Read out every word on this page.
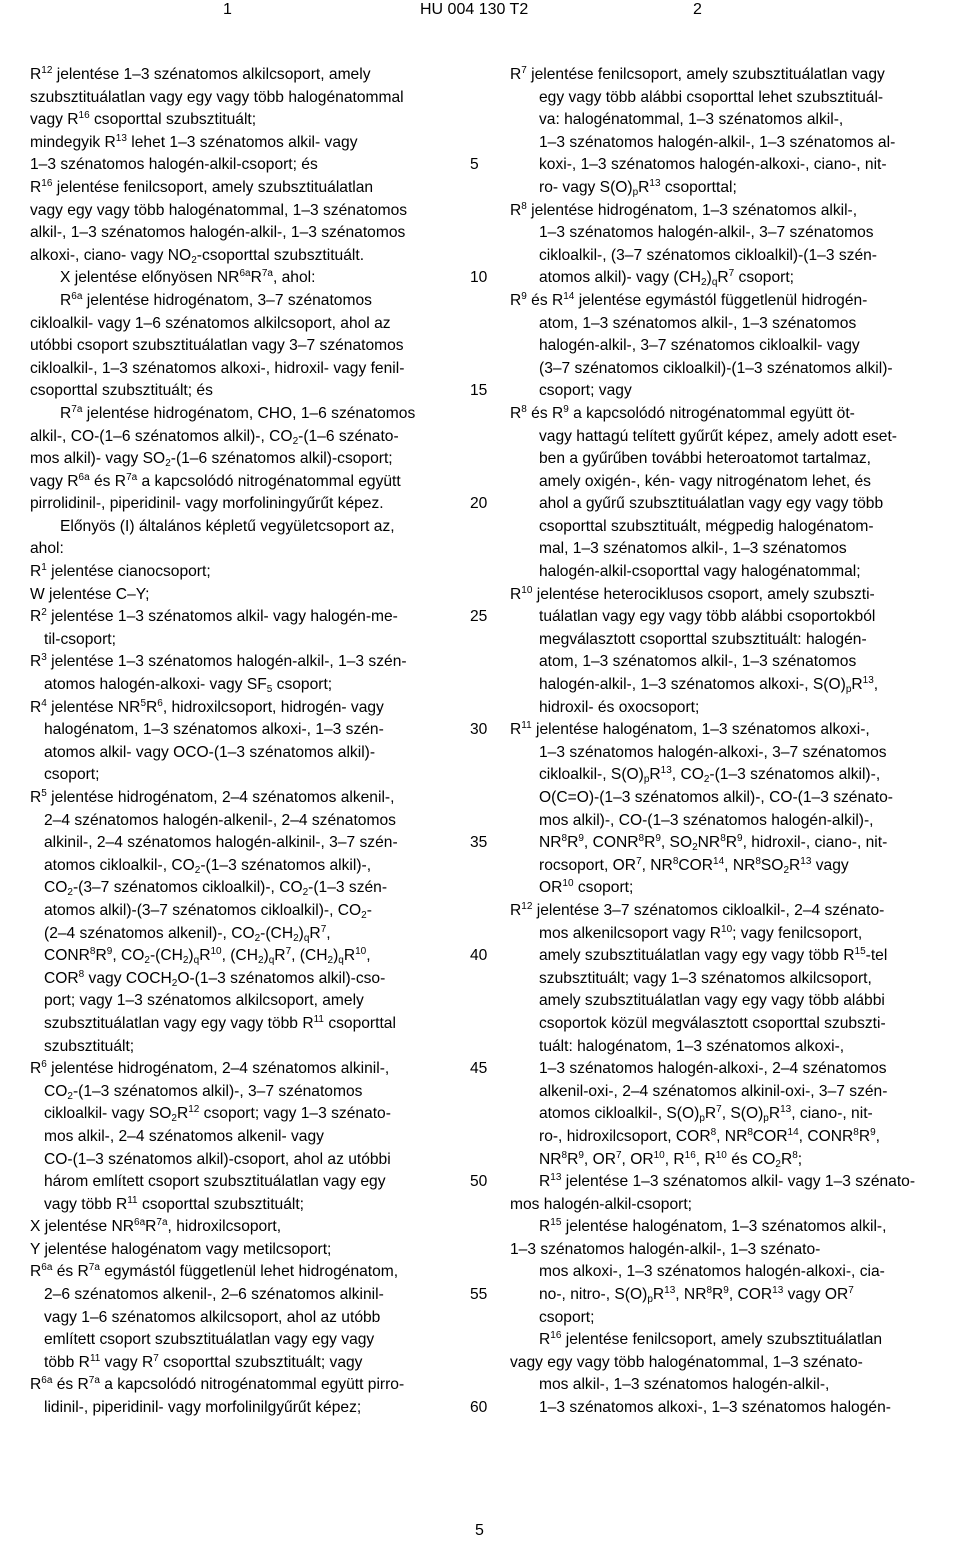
1	HU 004 130 T2	2
$R^{12}$ jelentése 1–3 szénatomos alkilcsoport, amely
szubsztituálatlan vagy egy vagy több halogénatommal
vagy $R^{16}$ csoporttal szubsztituált;
mindegyik $R^{13}$ lehet 1–3 szénatomos alkil- vagy
1–3 szénatomos halogén-alkil-csoport; és
$R^{16}$ jelentése fenilcsoport, amely szubsztituálatlan
vagy egy vagy több halogénatommal, 1–3 szénatomos
alkil-, 1–3 szénatomos halogén-alkil-, 1–3 szénatomos
alkoxi-, ciano- vagy $NO_2$-csoporttal szubsztituált.
X jelentése előnyösen $NR^{6a}R^{7a}$, ahol:
$R^{6a}$ jelentése hidrogénatom, 3–7 szénatomos
cikloalkil- vagy 1–6 szénatomos alkilcsoport, ahol az
utóbbi csoport szubsztituálatlan vagy 3–7 szénatomos
cikloalkil-, 1–3 szénatomos alkoxi-, hidroxil- vagy fenil-
csoporttal szubsztituált; és
$R^{7a}$ jelentése hidrogénatom, CHO, 1–6 szénatomos
alkil-, CO-(1–6 szénatomos alkil)-, $CO_2-(1-6$ szénato-
mos alkil)- vagy $SO_2-(1-6$ szénatomos alkil)-csoport;
vagy $R^{6a}$ és $R^{7a}$ a kapcsolódó nitrogénatommal együtt
pirrolidinil-, piperidinil- vagy morfoliningyűrűt képez.
Előnyös (I) általános képletű vegyületcsoport az,
ahol:
$R^1$ jelentése cianocsoport;
W jelentése C–Y;
$R^2$ jelentése 1–3 szénatomos alkil- vagy halogén-me-
til-csoport;
$R^3$ jelentése 1–3 szénatomos halogén-alkil-, 1–3 szén-
atomos halogén-alkoxi- vagy $SF_5$ csoport;
$R^4$ jelentése $NR^5R^6$, hidroxilcsoport, hidrogén- vagy
halogénatom, 1–3 szénatomos alkoxi-, 1–3 szén-
atomos alkil- vagy OCO-(1–3 szénatomos alkil)-
csoport;
$R^5$ jelentése hidrogénatom, 2–4 szénatomos alkenil-,
2–4 szénatomos halogén-alkenil-, 2–4 szénatomos
alkinil-, 2–4 szénatomos halogén-alkinil-, 3–7 szén-
atomos cikloalkil-, $CO_2-(1-3$ szénatomos alkil)-,
$CO_2-(3-7$ szénatomos cikloalkil)-, $CO_2-(1-3$ szén-
atomos alkil)-(3–7 szénatomos cikloalkil)-, $CO_2-$
(2–4 szénatomos alkenil)-, $CO_2-(CH_2)_qR^7$,
$CONR^8R^9$, $CO_2-(CH_2)_qR^{10}$, $(CH_2)_qR^7$, $(CH_2)_qR^{10}$,
COR$^8$ vagy $COCH_2O-(1-3$ szénatomos alkil)-cso-
port; vagy 1–3 szénatomos alkilcsoport, amely
szubsztituálatlan vagy egy vagy több $R^{11}$ csoporttal
szubsztituált;
$R^6$ jelentése hidrogénatom, 2–4 szénatomos alkinil-,
$CO_2-(1-3$ szénatomos alkil)-, 3–7 szénatomos
cikloalkil- vagy $SO_2R^{12}$ csoport; vagy 1–3 szénato-
mos alkil-, 2–4 szénatomos alkenil- vagy
CO-(1–3 szénatomos alkil)-csoport, ahol az utóbbi
három említett csoport szubsztituálatlan vagy egy
vagy több $R^{11}$ csoporttal szubsztituált;
X jelentése $NR^{6a}R^{7a}$, hidroxilcsoport,
Y jelentése halogénatom vagy metilcsoport;
$R^{6a}$ és $R^{7a}$ egymástól függetlenül lehet hidrogénatom,
2–6 szénatomos alkenil-, 2–6 szénatomos alkinil-
vagy 1–6 szénatomos alkilcsoport, ahol az utóbb
említett csoport szubsztituálatlan vagy egy vagy
több $R^{11}$ vagy $R^7$ csoporttal szubsztituált; vagy
$R^{6a}$ és $R^{7a}$ a kapcsolódó nitrogénatommal együtt pirro-
lidinil-, piperidinil- vagy morfolinilgyűrűt képez;
5
10
15
20
25
30
35
40
45
50
55
60
$R^7$ jelentése fenilcsoport, amely szubsztituálatlan vagy
egy vagy több alábbi csoporttal lehet szubsztituál-
va: halogénatommal, 1–3 szénatomos alkil-,
1–3 szénatomos halogén-alkil-, 1–3 szénatomos al-
koxi-, 1–3 szénatomos halogén-alkoxi-, ciano-, nit-
ro- vagy $S(O)_pR^{13}$ csoporttal;
$R^8$ jelentése hidrogénatom, 1–3 szénatomos alkil-,
1–3 szénatomos halogén-alkil-, 3–7 szénatomos
cikloalkil-, (3–7 szénatomos cikloalkil)-(1–3 szén-
atomos alkil)- vagy $(CH_2)_qR^7$ csoport;
$R^9$ és $R^{14}$ jelentése egymástól függetlenül hidrogén-
atom, 1–3 szénatomos alkil-, 1–3 szénatomos
halogén-alkil-, 3–7 szénatomos cikloalkil- vagy
(3–7 szénatomos cikloalkil)-(1–3 szénatomos alkil)-
csoport; vagy
$R^8$ és $R^9$ a kapcsolódó nitrogénatommal együtt öt-
vagy hattagú telített gyűrűt képez, amely adott eset-
ben a gyűrűben további heteroatomot tartalmaz,
amely oxigén-, kén- vagy nitrogénatom lehet, és
ahol a gyűrű szubsztituálatlan vagy egy vagy több
csoporttal szubsztituált, mégpedig halogénatom-
mal, 1–3 szénatomos alkil-, 1–3 szénatomos
halogén-alkil-csoporttal vagy halogénatommal;
$R^{10}$ jelentése heterociklusos csoport, amely szubszti-
tuálatlan vagy egy vagy több alábbi csoportokból
megválasztott csoporttal szubsztituált: halogén-
atom, 1–3 szénatomos alkil-, 1–3 szénatomos
halogén-alkil-, 1–3 szénatomos alkoxi-, $S(O)_pR^{13}$,
hidroxil- és oxocsoport;
$R^{11}$ jelentése halogénatom, 1–3 szénatomos alkoxi-,
1–3 szénatomos halogén-alkoxi-, 3–7 szénatomos
cikloalkil-, $S(O)_pR^{13}$, $CO_2-(1-3$ szénatomos alkil)-,
O(C=O)-(1–3 szénatomos alkil)-, CO-(1–3 szénato-
mos alkil)-, CO-(1–3 szénatomos halogén-alkil)-,
$NR^8R^9$, $CONR^8R^9$, $SO_2NR^8R^9$, hidroxil-, ciano-, nit-
rocsoport, $OR^7$, $NR^8COR^{14}$, $NR^8SO_2R^{13}$ vagy
OR$^{10}$ csoport;
$R^{12}$ jelentése 3–7 szénatomos cikloalkil-, 2–4 szénato-
mos alkenilcsoport vagy $R^{10}$; vagy fenilcsoport,
amely szubsztituálatlan vagy egy vagy több $R^{15}$-tel
szubsztituált; vagy 1–3 szénatomos alkilcsoport,
amely szubsztituálatlan vagy egy vagy több alábbi
csoportok közül megválasztott csoporttal szubszti-
tuált: halogénatom, 1–3 szénatomos alkoxi-,
1–3 szénatomos halogén-alkoxi-, 2–4 szénatomos
alkenil-oxi-, 2–4 szénatomos alkinil-oxi-, 3–7 szén-
atomos cikloalkil-, $S(O)_pR^7$, $S(O)_pR^{13}$, ciano-, nit-
ro-, hidroxilcsoport, COR$^8$, $NR^8COR^{14}$, $CONR^8R^9$,
$NR^8R^9$, $OR^7$, OR$^{10}$, $R^{16}$, $R^{10}$ és $CO_2R^8$;
$R^{13}$ jelentése 1–3 szénatomos alkil- vagy 1–3 szénato-
mos halogén-alkil-csoport;
$R^{15}$ jelentése halogénatom, 1–3 szénatomos alkil-,
1–3 szénatomos halogén-alkil-, 1–3 szénato-
mos alkoxi-, 1–3 szénatomos halogén-alkoxi-, cia-
no-, nitro-, $S(O)_pR^{13}$, $NR^8R^9$, COR$^{13}$ vagy $OR^7$
csoport;
$R^{16}$ jelentése fenilcsoport, amely szubsztituálatlan
vagy egy vagy több halogénatommal, 1–3 szénato-
mos alkil-, 1–3 szénatomos halogén-alkil-,
1–3 szénatomos alkoxi-, 1–3 szénatomos halogén-
5
